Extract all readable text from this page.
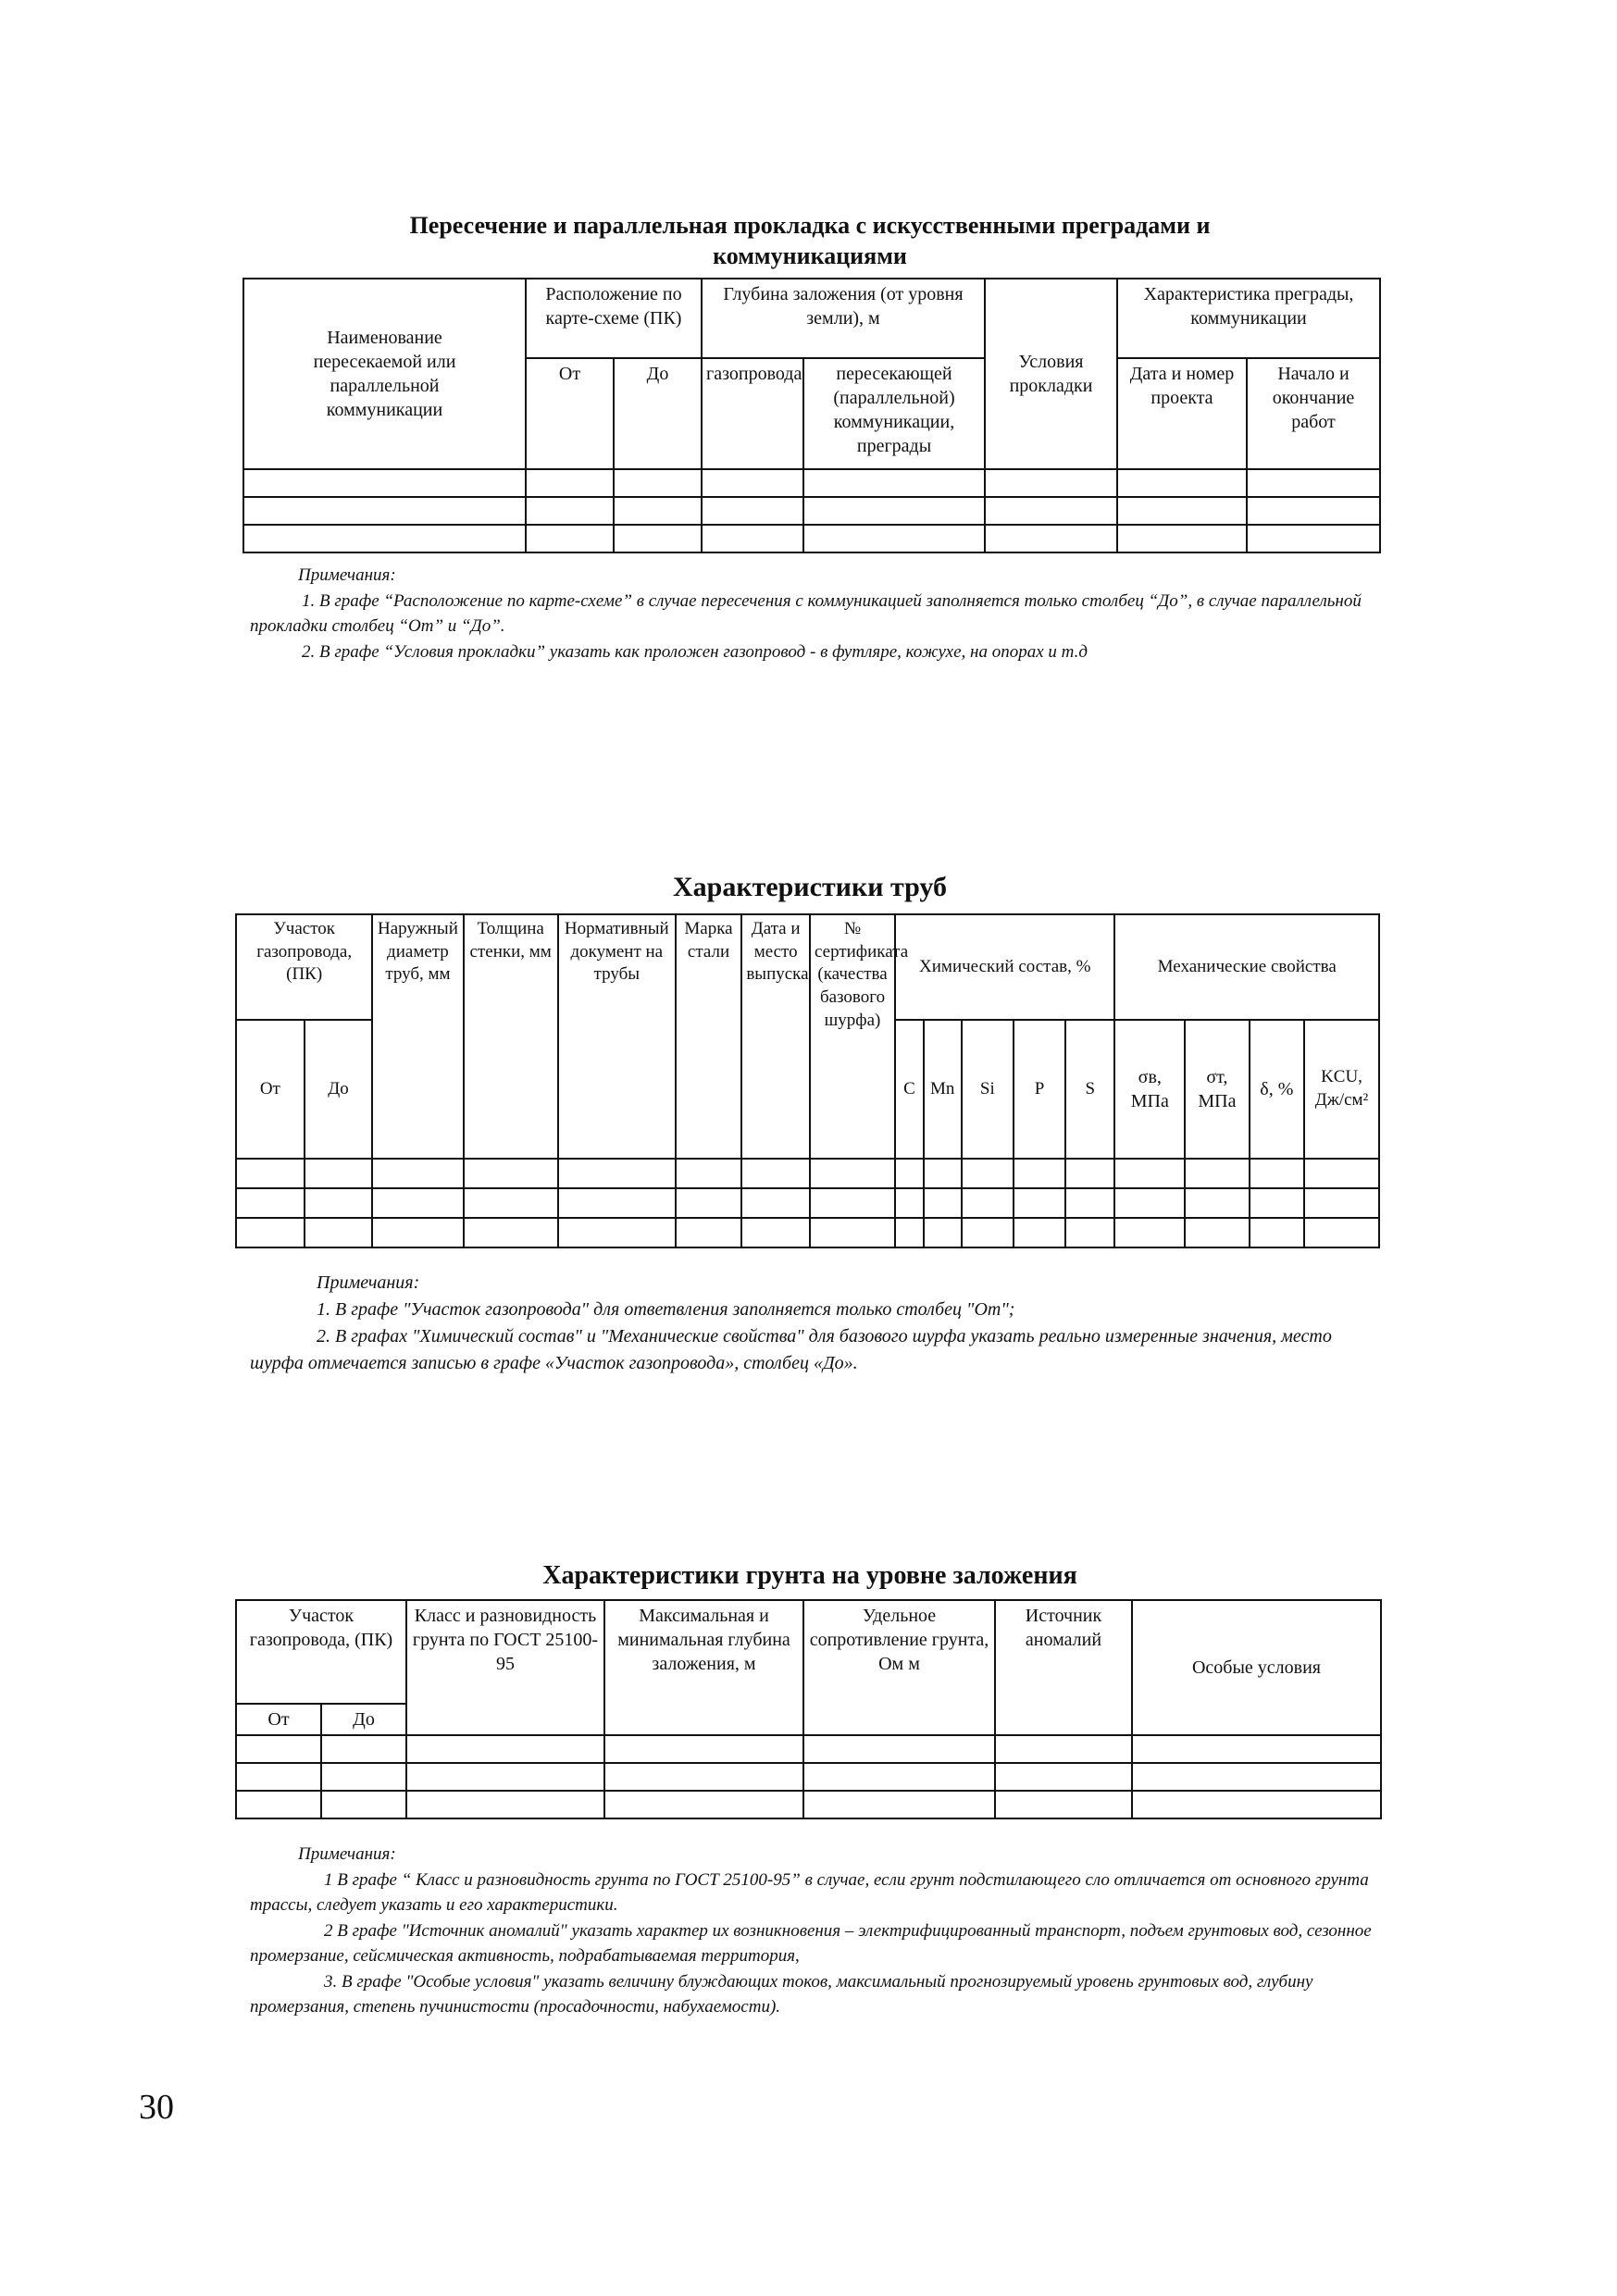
Пересечение и параллельная прокладка с искусственными преградами и коммуникациями

Наименование пересекаемой или параллельной коммуникации	Расположение по карте-схеме (ПК)		Глубина заложения (от уровня земли), м		Условия прокладки	Характеристика преграды, коммуникации	
	От	До	газопровода	пересекающей (параллельной) коммуникации, преграды		Дата и номер проекта	Начало и окончание работ

Примечания:

1. В графе “Расположение по карте-схеме” в случае пересечения с коммуникацией заполняется только столбец “До”, в случае параллельной прокладки столбец “От” и “До”.

2. В графе “Условия прокладки” указать как проложен газопровод - в футляре, кожухе, на опорах и т.д

Характеристики труб

Участок газопровода, (ПК)		Наружный диаметр труб, мм	Толщина стенки, мм	Нормативный документ на трубы	Марка стали	Дата и место выпуска	№ сертификата (качества базового шурфа)	Химический состав, %					Механические свойства			
От	До							C	Mn	Si	P	S	σв, МПа	σт, МПа	δ, %	KCU, Дж/см²

Примечания:

1. В графе "Участок газопровода" для ответвления заполняется только столбец "От";

2. В графах "Химический состав" и "Механические свойства" для базового шурфа указать реально измеренные значения, место шурфа отмечается записью в графе «Участок газопровода», столбец «До».

Характеристики грунта на уровне заложения

Участок газопровода, (ПК)		Класс и разновидность грунта по ГОСТ 25100-95	Максимальная и минимальная глубина заложения, м	Удельное сопротивление грунта, Ом м	Источник аномалий	Особые условия
От	До					

Примечания:

1 В графе “ Класс и разновидность грунта по ГОСТ 25100-95” в случае, если грунт подстилающего сло отличается от основного грунта трассы, следует указать и его характеристики.

2 В графе "Источник аномалий" указать характер их возникновения – электрифицированный транспорт, подъем грунтовых вод, сезонное промерзание, сейсмическая активность, подрабатываемая территория,

3. В графе "Особые условия" указать величину блуждающих токов, максимальный прогнозируемый уровень грунтовых вод, глубину промерзания, степень пучинистости (просадочности, набухаемости).

30
